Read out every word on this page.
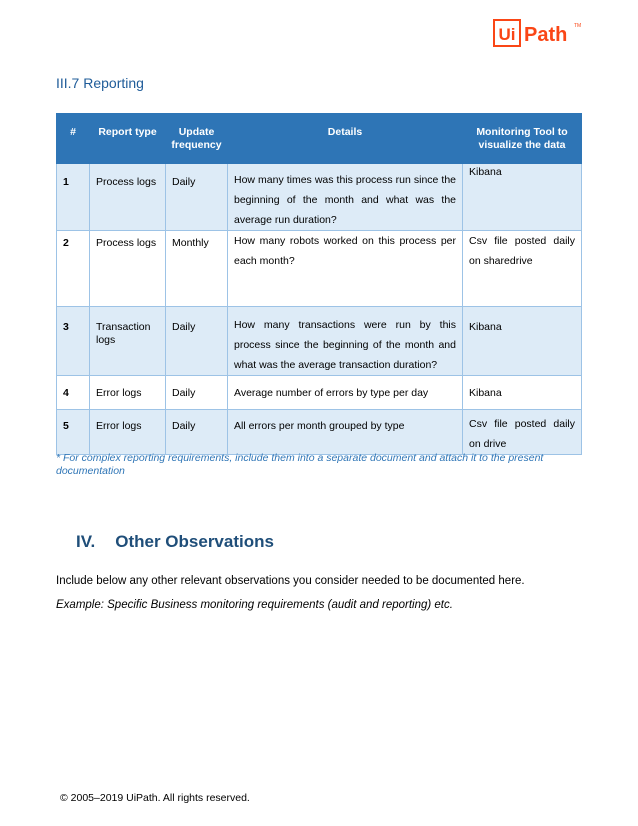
Ui Path TM
III.7 Reporting
#	Report type	Update frequency	Details	Monitoring Tool to visualize the data
1	Process logs	Daily	How many times was this process run since the beginning of the month and what was the average run duration?	Kibana
2	Process logs	Monthly	How many robots worked on this process per each month?	Csv file posted daily on sharedrive
3	Transaction logs	Daily	How many transactions were run by this process since the beginning of the month and what was the average transaction duration?	Kibana
4	Error logs	Daily	Average number of errors by type per day	Kibana
5	Error logs	Daily	All errors per month grouped by type	Csv file posted daily on drive

* For complex reporting requirements, include them into a separate document and attach it to the present documentation

IV. Other Observations

Include below any other relevant observations you consider needed to be documented here.

Example: Specific Business monitoring requirements (audit and reporting) etc.

© 2005–2019 UiPath. All rights reserved.
